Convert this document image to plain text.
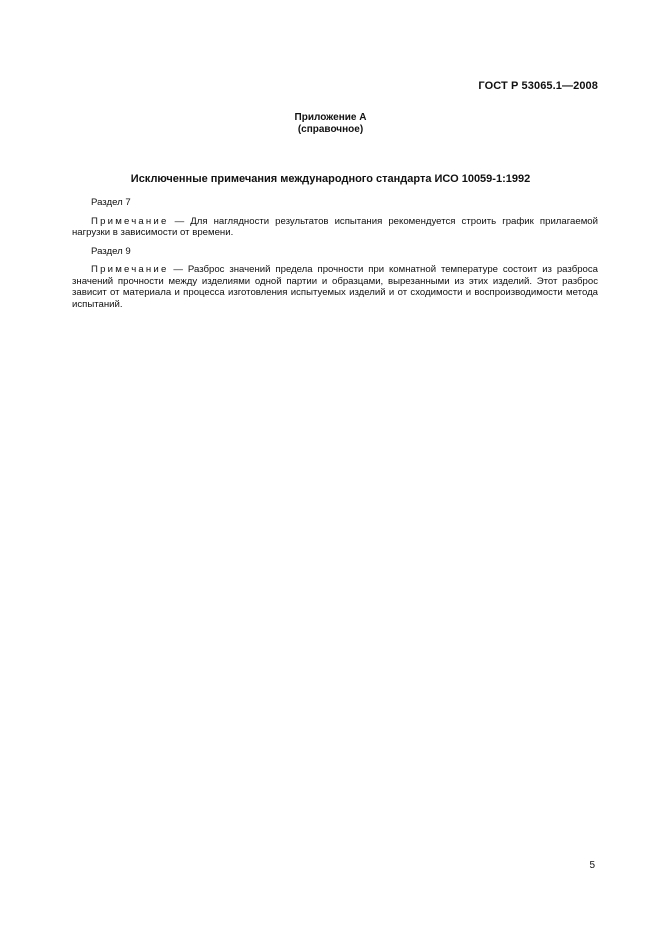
ГОСТ Р 53065.1—2008
Приложение А
(справочное)
Исключенные примечания международного стандарта ИСО 10059-1:1992

Раздел 7

Примечание — Для наглядности результатов испытания рекомендуется строить график прилагаемой нагрузки в зависимости от времени.

Раздел 9

Примечание — Разброс значений предела прочности при комнатной температуре состоит из разброса значений прочности между изделиями одной партии и образцами, вырезанными из этих изделий. Этот разброс зависит от материала и процесса изготовления испытуемых изделий и от сходимости и воспроизводимости метода испытаний.

5
